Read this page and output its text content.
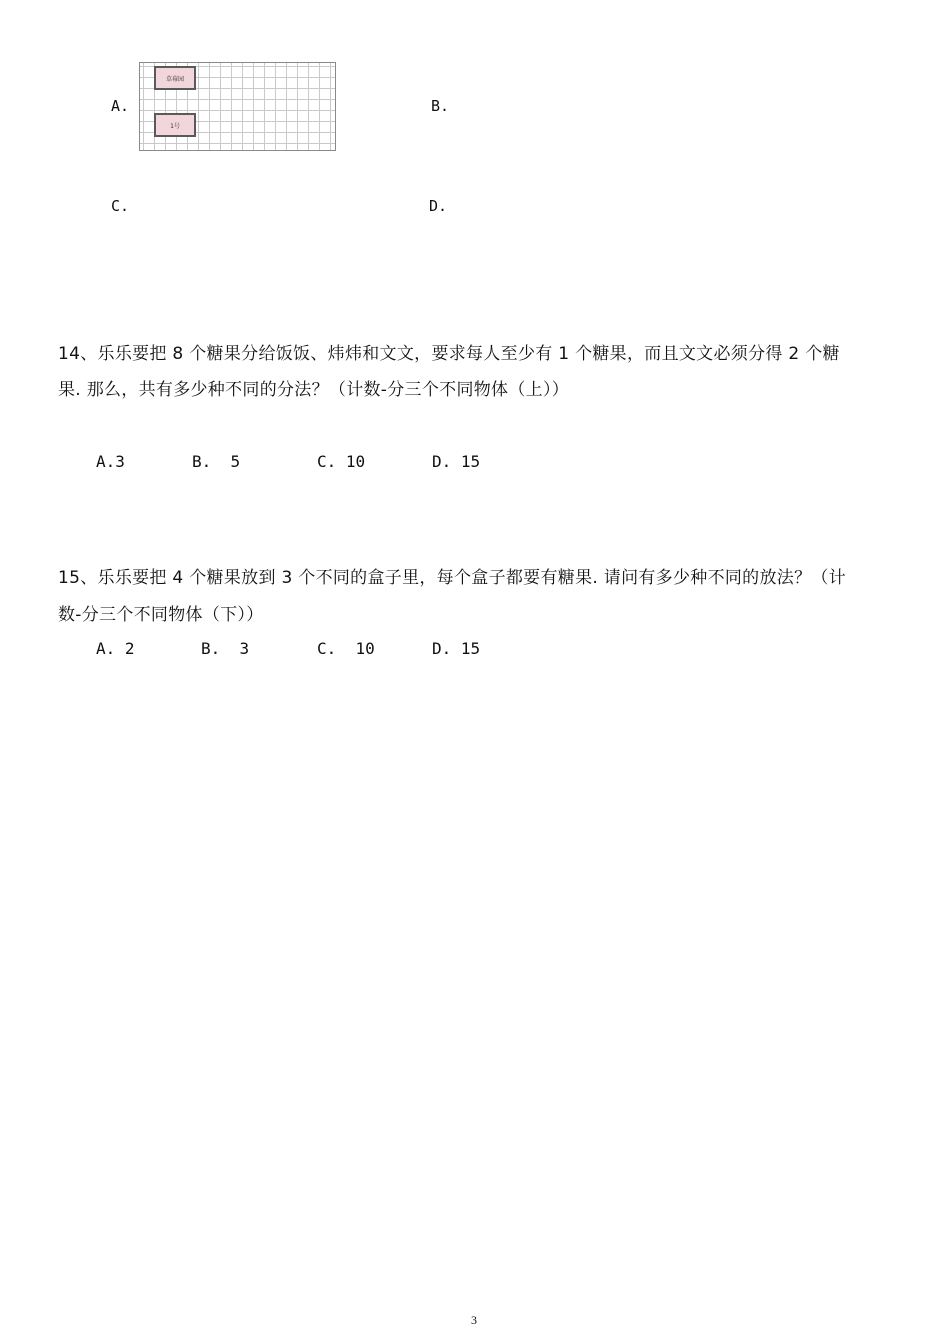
A.
草莓园
1号
B.
C.	D.
14、乐乐要把 8 个糖果分给饭饭、炜炜和文文，要求每人至少有 1 个糖果，而且文文必须分得 2 个糖
果. 那么，共有多少种不同的分法？（计数-分三个不同物体（上））
A.3	B.  5	C. 10	D. 15
15、乐乐要把 4 个糖果放到 3 个不同的盒子里，每个盒子都要有糖果. 请问有多少种不同的放法？（计
数-分三个不同物体（下））
A. 2	B.  3	C.  10	D. 15
3
